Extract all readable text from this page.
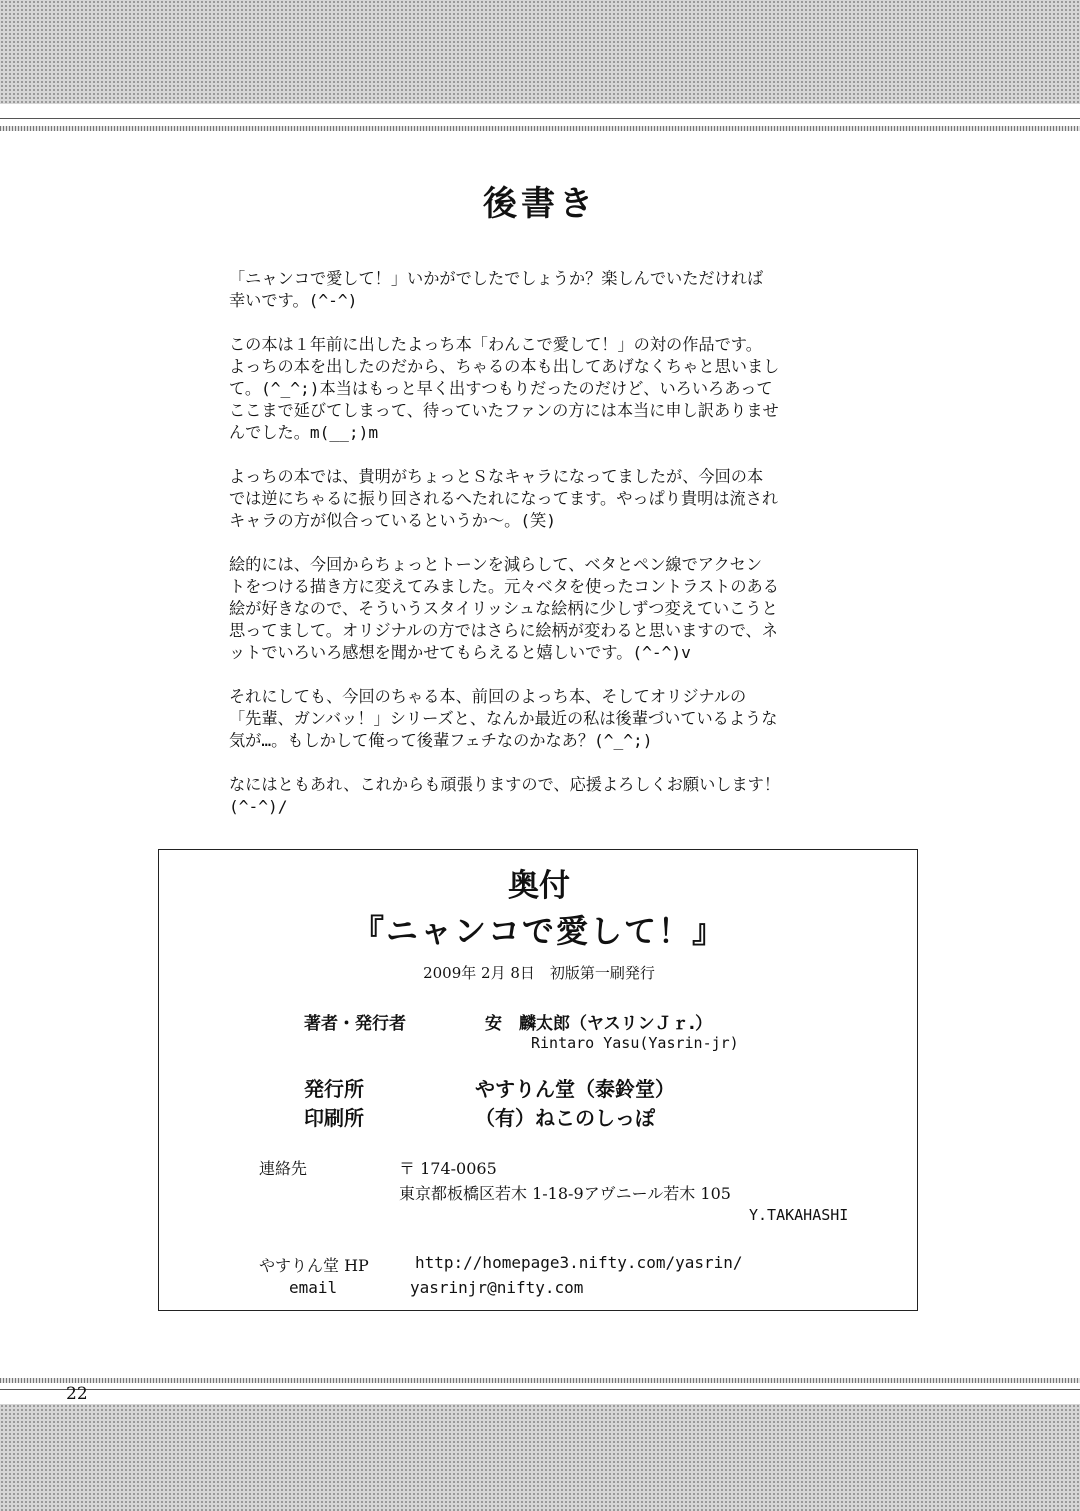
後書き

「ニャンコで愛して！」いかがでしたでしょうか？楽しんでいただければ
幸いです。(^-^)

この本は１年前に出したよっち本「わんこで愛して！」の対の作品です。
よっちの本を出したのだから、ちゃるの本も出してあげなくちゃと思いまし
て。(^_^;)本当はもっと早く出すつもりだったのだけど、いろいろあって
ここまで延びてしまって、待っていたファンの方には本当に申し訳ありませ
んでした。m(__;)m

よっちの本では、貴明がちょっとＳなキャラになってましたが、今回の本
では逆にちゃるに振り回されるへたれになってます。やっぱり貴明は流され
キャラの方が似合っているというか〜。(笑)

絵的には、今回からちょっとトーンを減らして、ベタとペン線でアクセン
トをつける描き方に変えてみました。元々ベタを使ったコントラストのある
絵が好きなので、そういうスタイリッシュな絵柄に少しずつ変えていこうと
思ってまして。オリジナルの方ではさらに絵柄が変わると思いますので、ネ
ットでいろいろ感想を聞かせてもらえると嬉しいです。(^-^)v

それにしても、今回のちゃる本、前回のよっち本、そしてオリジナルの
「先輩、ガンバッ！」シリーズと、なんか最近の私は後輩づいているような
気が…。もしかして俺って後輩フェチなのかなあ？(^_^;)

なにはともあれ、これからも頑張りますので、応援よろしくお願いします！
(^-^)/

奥付
『ニャンコで愛して！』
2009年 2月 8日　初版第一刷発行
著者・発行者	安　麟太郎（ヤスリンＪｒ.）
Rintaro Yasu(Yasrin-jr)
発行所	やすりん堂（泰鈴堂）
印刷所	（有）ねこのしっぽ
連絡先	〒 174-0065
東京都板橋区若木 1-18-9アヴニール若木 105
Y.TAKAHASHI
やすりん堂 HP	http://homepage3.nifty.com/yasrin/
email	yasrinjr@nifty.com
22
